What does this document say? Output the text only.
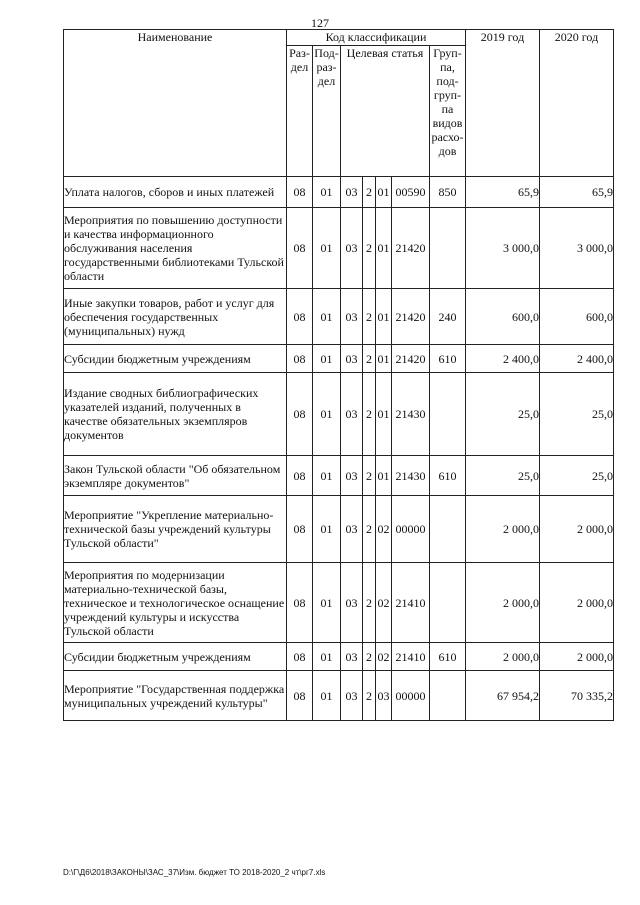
127
Наименование	Код классификации							2019 год	2020 год
	Раз-дел	Под-раз-дел	Целевая статья				Груп-па, под-груп-па видов расхо-дов		
Уплата налогов, сборов и иных платежей	08	01	03	2	01	00590	850	65,9	65,9
Мероприятия по повышению доступности и качества информационного обслуживания населения государственными библиотеками Тульской области	08	01	03	2	01	21420		3 000,0	3 000,0
Иные закупки товаров, работ и услуг для обеспечения государственных (муниципальных) нужд	08	01	03	2	01	21420	240	600,0	600,0
Субсидии бюджетным учреждениям	08	01	03	2	01	21420	610	2 400,0	2 400,0
Издание сводных библиографических указателей изданий, полученных в качестве обязательных экземпляров документов	08	01	03	2	01	21430		25,0	25,0
Закон Тульской области "Об обязательном экземпляре документов"	08	01	03	2	01	21430	610	25,0	25,0
Мероприятие "Укрепление материально-технической базы учреждений культуры Тульской области"	08	01	03	2	02	00000		2 000,0	2 000,0
Мероприятия по модернизации материально-технической базы, техническое и технологическое оснащение учреждений культуры и искусства Тульской области	08	01	03	2	02	21410		2 000,0	2 000,0
Субсидии бюджетным учреждениям	08	01	03	2	02	21410	610	2 000,0	2 000,0
Мероприятие "Государственная поддержка муниципальных учреждений культуры"	08	01	03	2	03	00000		67 954,2	70 335,2
D:\Г\Д6\2018\ЗАКОНЫ\ЗАС_37\Изм. бюджет ТО 2018-2020_2 чт\рг7.xls
